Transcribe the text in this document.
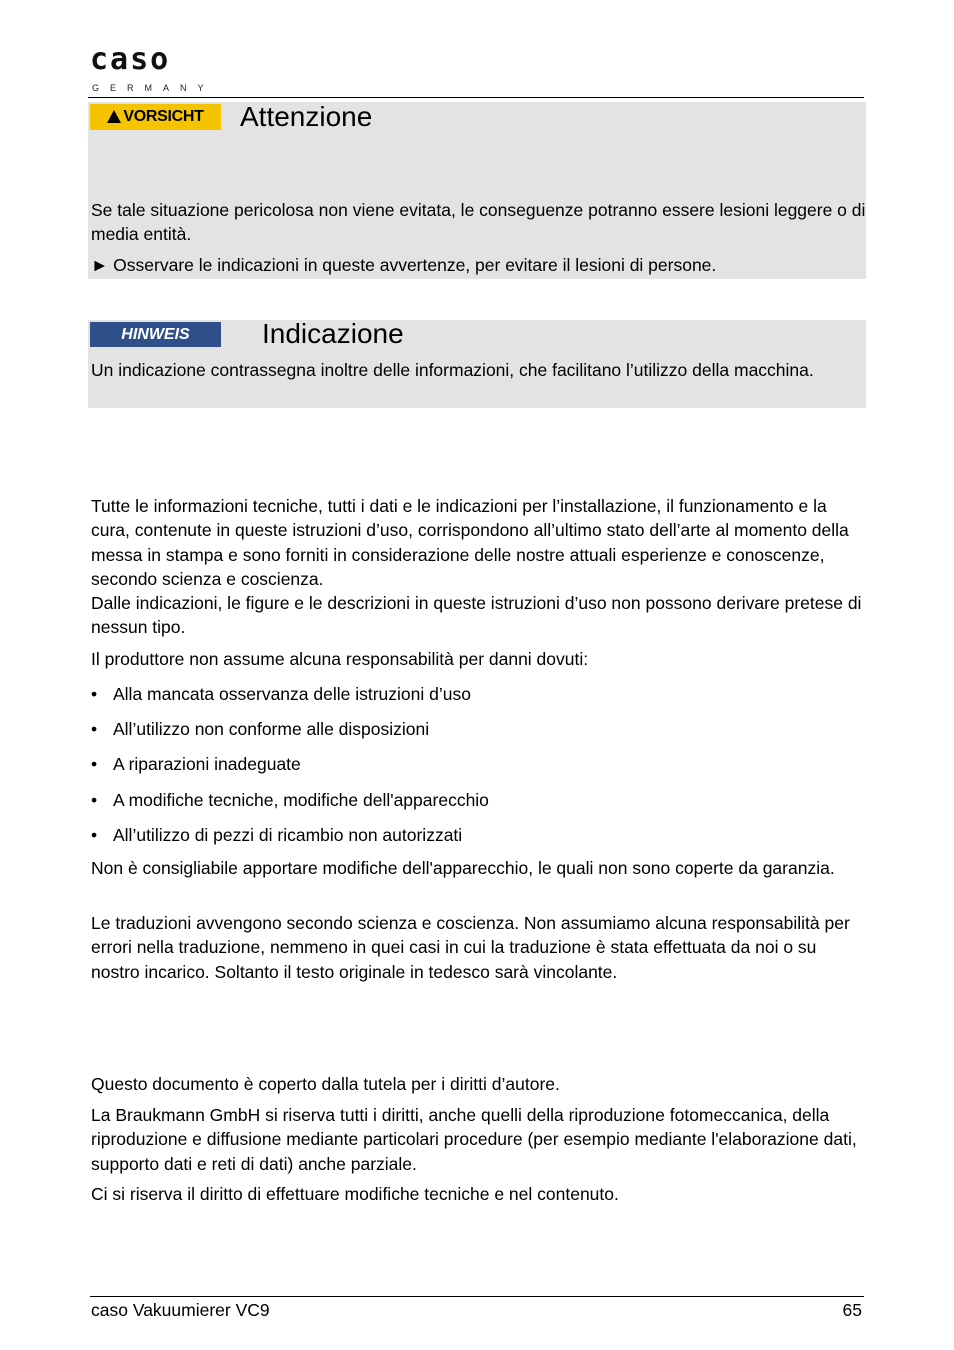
caso
GERMANY
VORSICHT Attenzione
Se tale situazione pericolosa non viene evitata, le conseguenze potranno essere lesioni leggere o di media entità.
► Osservare le indicazioni in queste avvertenze, per evitare il lesioni di persone.
HINWEIS	Indicazione
Un indicazione contrassegna inoltre delle informazioni, che facilitano l’utilizzo della macchina.
Tutte le informazioni tecniche, tutti i dati e le indicazioni per l’installazione, il funzionamento e la cura, contenute in queste istruzioni d’uso, corrispondono all’ultimo stato dell’arte al momento della messa in stampa e sono forniti in considerazione delle nostre attuali esperienze e conoscenze, secondo scienza e coscienza.
Dalle indicazioni, le figure e le descrizioni in queste istruzioni d’uso non possono derivare pretese di nessun tipo.
Il produttore non assume alcuna responsabilità per danni dovuti:
• Alla mancata osservanza delle istruzioni d’uso
• All’utilizzo non conforme alle disposizioni
• A riparazioni inadeguate
• A modifiche tecniche, modifiche dell'apparecchio
• All’utilizzo di pezzi di ricambio non autorizzati
Non è consigliabile apportare modifiche dell'apparecchio, le quali non sono coperte da garanzia.
Le traduzioni avvengono secondo scienza e coscienza. Non assumiamo alcuna responsabilità per errori nella traduzione, nemmeno in quei casi in cui la traduzione è stata effettuata da noi o su nostro incarico. Soltanto il testo originale in tedesco sarà vincolante.
Questo documento è coperto dalla tutela per i diritti d’autore.
La Braukmann GmbH si riserva tutti i diritti, anche quelli della riproduzione fotomeccanica, della riproduzione e diffusione mediante particolari procedure (per esempio mediante l'elaborazione dati, supporto dati e reti di dati) anche parziale.
Ci si riserva il diritto di effettuare modifiche tecniche e nel contenuto.
caso Vakuumierer VC9	65
